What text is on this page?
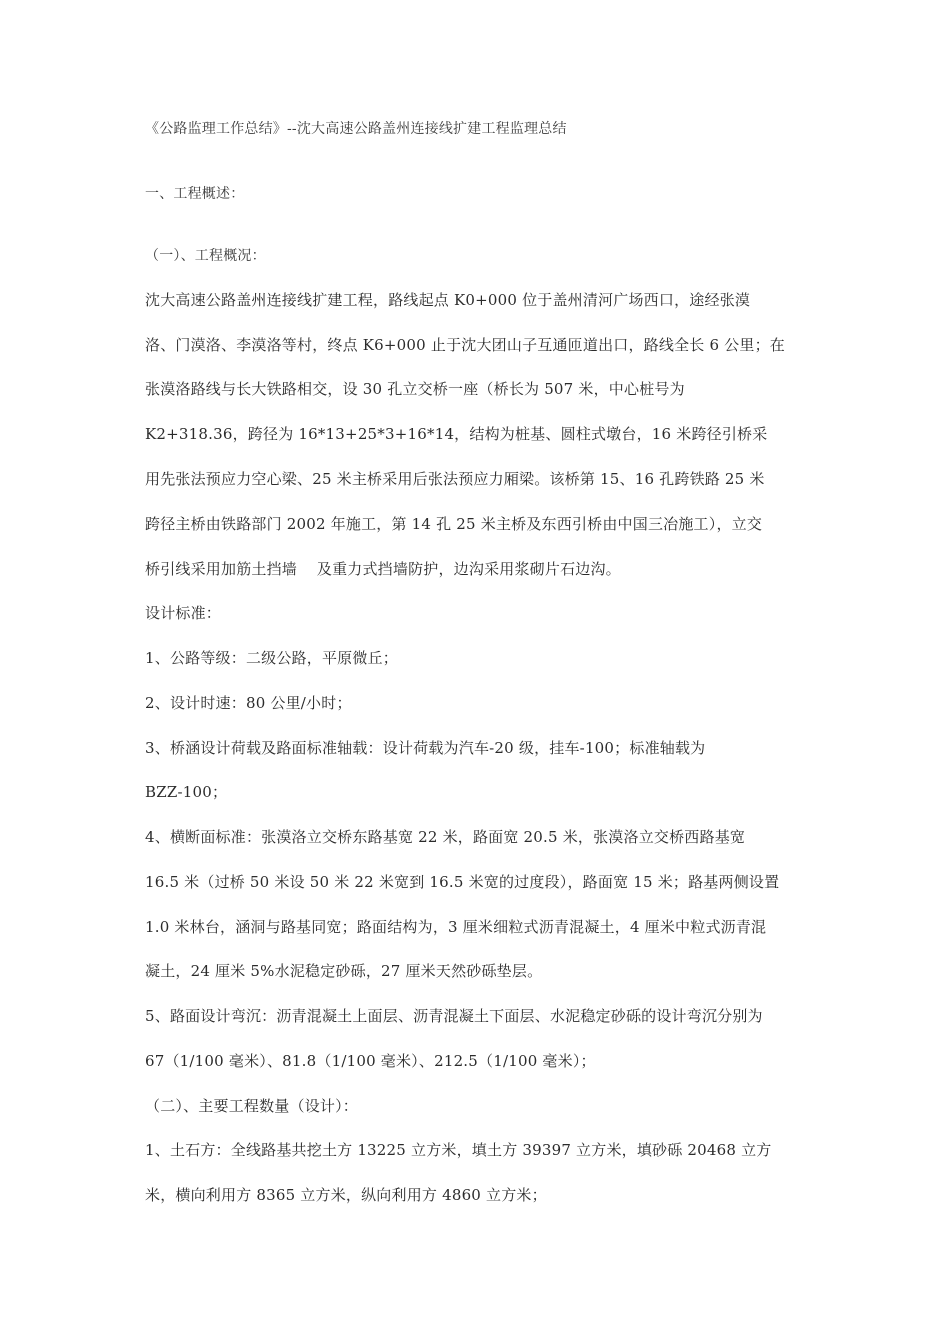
《公路监理工作总结》--沈大高速公路盖州连接线扩建工程监理总结
一、工程概述：
（一）、工程概况：
沈大高速公路盖州连接线扩建工程，路线起点 K0+000 位于盖州清河广场西口，途经张漠
洛、门漠洛、李漠洛等村，终点 K6+000 止于沈大团山子互通匝道出口，路线全长 6 公里；在
张漠洛路线与长大铁路相交，设 30 孔立交桥一座（桥长为 507 米，中心桩号为
K2+318.36，跨径为 16*13+25*3+16*14，结构为桩基、圆柱式墩台，16 米跨径引桥采
用先张法预应力空心梁、25 米主桥采用后张法预应力厢梁。该桥第 15、16 孔跨铁路 25 米
跨径主桥由铁路部门 2002 年施工，第 14 孔 25 米主桥及东西引桥由中国三冶施工），立交
桥引线采用加筋土挡墙    及重力式挡墙防护，边沟采用浆砌片石边沟。
设计标准：
1、公路等级：二级公路，平原微丘；
2、设计时速：80 公里/小时；
3、桥涵设计荷载及路面标准轴载：设计荷载为汽车-20 级，挂车-100；标准轴载为
BZZ-100；
4、横断面标准：张漠洛立交桥东路基宽 22 米，路面宽 20.5 米，张漠洛立交桥西路基宽
16.5 米（过桥 50 米设 50 米 22 米宽到 16.5 米宽的过度段），路面宽 15 米；路基两侧设置
1.0 米林台，涵洞与路基同宽；路面结构为，3 厘米细粒式沥青混凝土，4 厘米中粒式沥青混
凝土，24 厘米 5%水泥稳定砂砾，27 厘米天然砂砾垫层。
5、路面设计弯沉：沥青混凝土上面层、沥青混凝土下面层、水泥稳定砂砾的设计弯沉分别为
67（1/100 毫米）、81.8（1/100 毫米）、212.5（1/100 毫米）；
（二）、主要工程数量（设计）：
1、土石方：全线路基共挖土方 13225 立方米，填土方 39397 立方米，填砂砾 20468 立方
米，横向利用方 8365 立方米，纵向利用方 4860 立方米；
